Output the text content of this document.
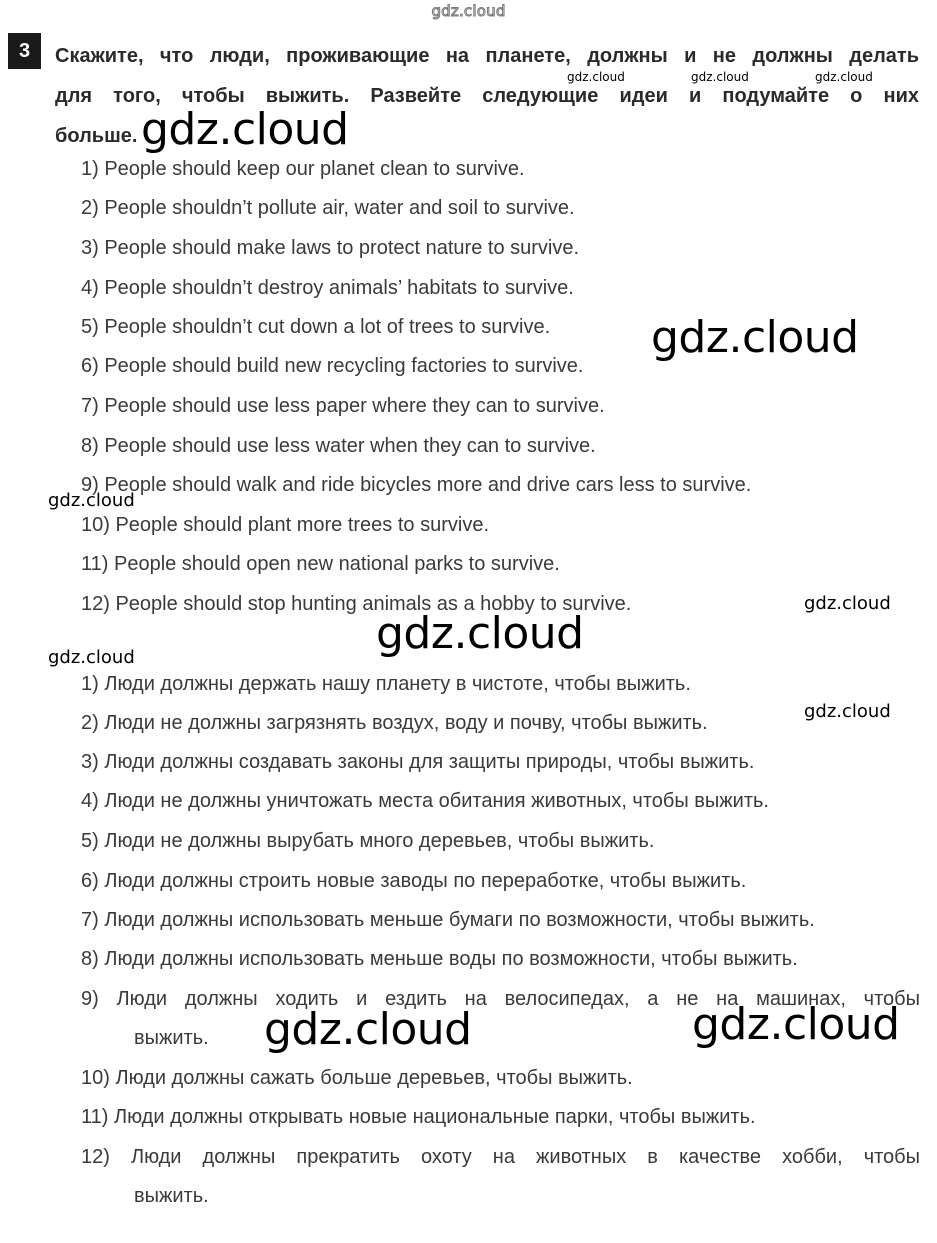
gdz.cloud
3	Скажите, что люди, проживающие на планете, должны и не должны делать
для того, чтобы выжить. Развейте следующие идеи и подумайте о них
больше.
1) People should keep our planet clean to survive.
2) People shouldn’t pollute air, water and soil to survive.
3) People should make laws to protect nature to survive.
4) People shouldn’t destroy animals’ habitats to survive.
5) People shouldn’t cut down a lot of trees to survive.
6) People should build new recycling factories to survive.
7) People should use less paper where they can to survive.
8) People should use less water when they can to survive.
9) People should walk and ride bicycles more and drive cars less to survive.
10) People should plant more trees to survive.
11) People should open new national parks to survive.
12) People should stop hunting animals as a hobby to survive.
1) Люди должны держать нашу планету в чистоте, чтобы выжить.
2) Люди не должны загрязнять воздух, воду и почву, чтобы выжить.
3) Люди должны создавать законы для защиты природы, чтобы выжить.
4) Люди не должны уничтожать места обитания животных, чтобы выжить.
5) Люди не должны вырубать много деревьев, чтобы выжить.
6) Люди должны строить новые заводы по переработке, чтобы выжить.
7) Люди должны использовать меньше бумаги по возможности, чтобы выжить.
8) Люди должны использовать меньше воды по возможности, чтобы выжить.
9) Люди должны ходить и ездить на велосипедах, а не на машинах, чтобы
выжить.
10) Люди должны сажать больше деревьев, чтобы выжить.
11) Люди должны открывать новые национальные парки, чтобы выжить.
12) Люди должны прекратить охоту на животных в качестве хобби, чтобы
выжить.
gdz.cloud	gdz.cloud	gdz.cloud
gdz.cloud
gdz.cloud
gdz.cloud
gdz.cloud
gdz.cloud
gdz.cloud
gdz.cloud
gdz.cloud	gdz.cloud
